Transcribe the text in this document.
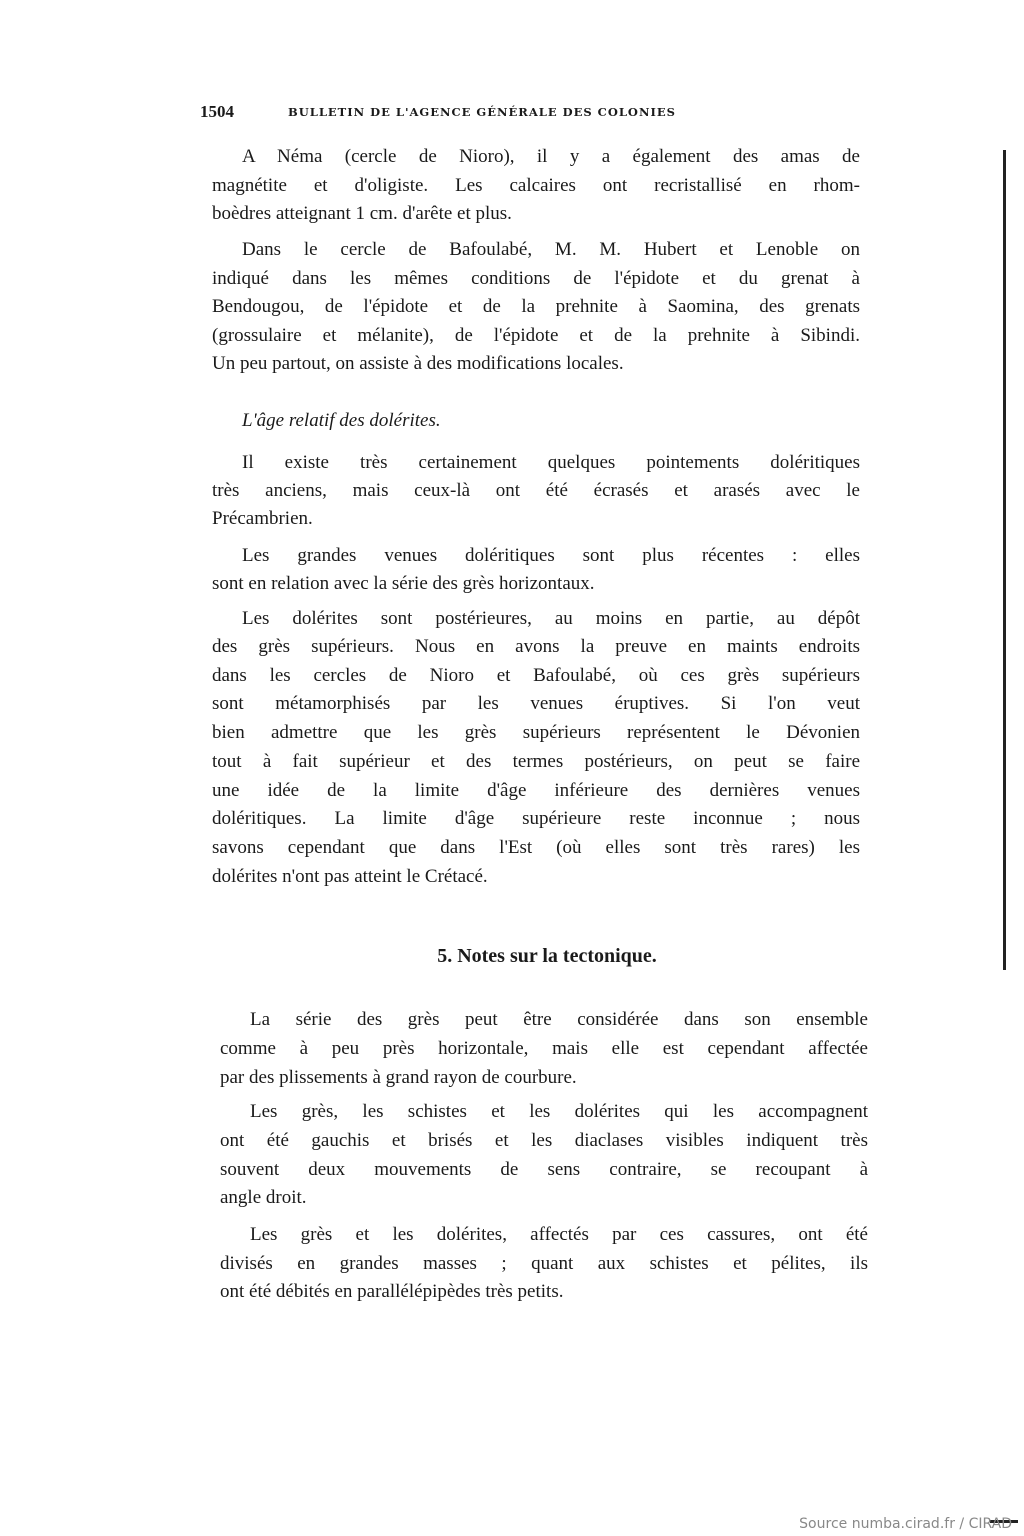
1504	BULLETIN DE L'AGENCE GÉNÉRALE DES COLONIES
A Néma (cercle de Nioro), il y a également des amas de
magnétite et d'oligiste. Les calcaires ont recristallisé en rhom-
boèdres atteignant 1 cm. d'arête et plus.
Dans le cercle de Bafoulabé, M. M. Hubert et Lenoble on
indiqué dans les mêmes conditions de l'épidote et du grenat à
Bendougou, de l'épidote et de la prehnite à Saomina, des grenats
(grossulaire et mélanite), de l'épidote et de la prehnite à Sibindi.
Un peu partout, on assiste à des modifications locales.
L'âge relatif des dolérites.
Il existe très certainement quelques pointements doléritiques
très anciens, mais ceux-là ont été écrasés et arasés avec le
Précambrien.
Les grandes venues doléritiques sont plus récentes : elles
sont en relation avec la série des grès horizontaux.
Les dolérites sont postérieures, au moins en partie, au dépôt
des grès supérieurs. Nous en avons la preuve en maints endroits
dans les cercles de Nioro et Bafoulabé, où ces grès supérieurs
sont métamorphisés par les venues éruptives. Si l'on veut
bien admettre que les grès supérieurs représentent le Dévonien
tout à fait supérieur et des termes postérieurs, on peut se faire
une idée de la limite d'âge inférieure des dernières venues
doléritiques. La limite d'âge supérieure reste inconnue ; nous
savons cependant que dans l'Est (où elles sont très rares) les
dolérites n'ont pas atteint le Crétacé.
La série des grès peut être considérée dans son ensemble
comme à peu près horizontale, mais elle est cependant affectée
par des plissements à grand rayon de courbure.
Les grès, les schistes et les dolérites qui les accompagnent
ont été gauchis et brisés et les diaclases visibles indiquent très
souvent deux mouvements de sens contraire, se recoupant à
angle droit.
Les grès et les dolérites, affectés par ces cassures, ont été
divisés en grandes masses ; quant aux schistes et pélites, ils
ont été débités en parallélépipèdes très petits.
5. Notes sur la tectonique.
Source numba.cirad.fr / CIRAD
